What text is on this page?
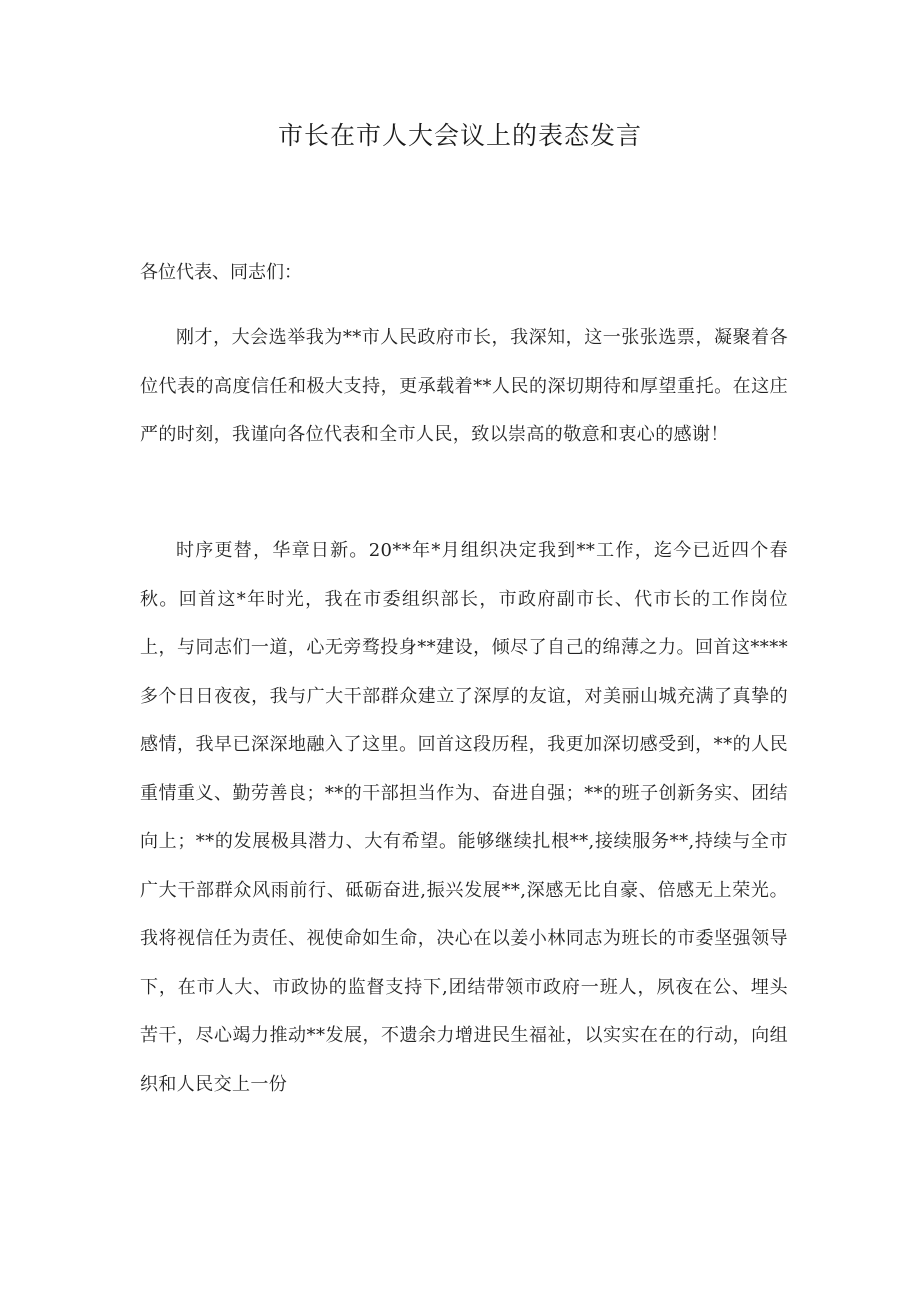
市长在市人大会议上的表态发言

各位代表、同志们：

刚才，大会选举我为**市人民政府市长，我深知，这一张张选票，凝聚着各位代表的高度信任和极大支持，更承载着**人民的深切期待和厚望重托。在这庄严的时刻，我谨向各位代表和全市人民，致以崇高的敬意和衷心的感谢！

时序更替，华章日新。20**年*月组织决定我到**工作，迄今已近四个春秋。回首这*年时光，我在市委组织部长，市政府副市长、代市长的工作岗位上，与同志们一道，心无旁骛投身**建设，倾尽了自己的绵薄之力。回首这****多个日日夜夜，我与广大干部群众建立了深厚的友谊，对美丽山城充满了真挚的感情，我早已深深地融入了这里。回首这段历程，我更加深切感受到，**的人民重情重义、勤劳善良；**的干部担当作为、奋进自强；**的班子创新务实、团结向上；**的发展极具潜力、大有希望。能够继续扎根**,接续服务**,持续与全市广大干部群众风雨前行、砥砺奋进,振兴发展**,深感无比自豪、倍感无上荣光。我将视信任为责任、视使命如生命，决心在以姜小林同志为班长的市委坚强领导下，在市人大、市政协的监督支持下,团结带领市政府一班人，夙夜在公、埋头苦干，尽心竭力推动**发展，不遗余力增进民生福祉，以实实在在的行动，向组织和人民交上一份
